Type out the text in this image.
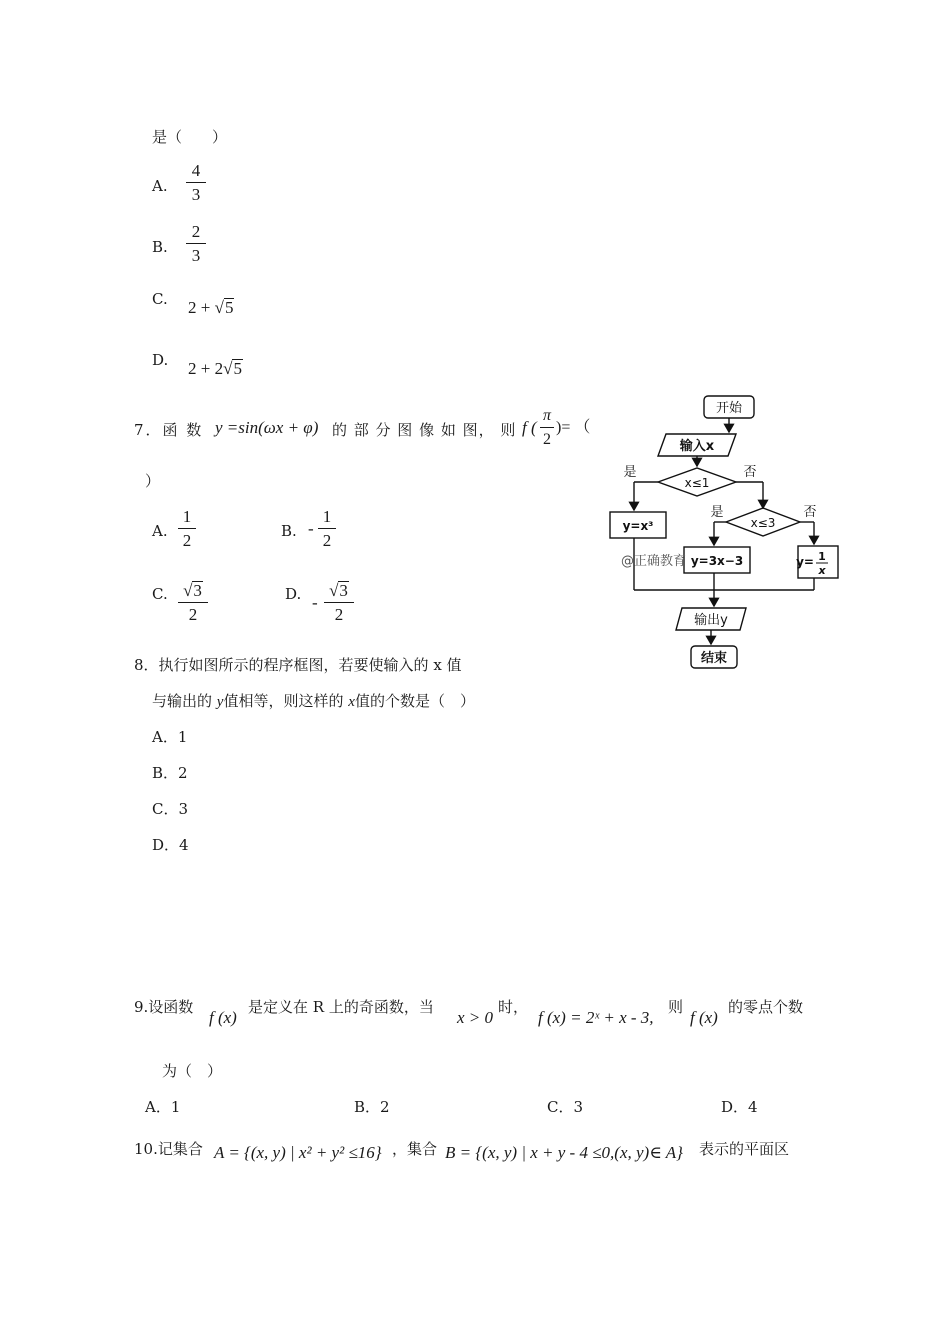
是（　　）
A.
4
3
B.
2
3
C. 2 + √5
D. 2 + 2√5
7．函 数 y =sin(ωx + φ) 的 部 分 图 像 如 图， 则 f (
π
2
)= （
）
A.
1
2	B. -
1
2
C. √3
2
D. -
√3
2
8．执行如图所示的程序框图，若要使输入的 x 值
与输出的 y值相等，则这样的 x值的个数是（　）
A．1
B．2
C．3
D．4
开始
输入x
x≤1
是	否
y=x³	x≤3
是	否
y=3x−3	y= 1
x
输出y
结束
@正确教育
9.设函数
f (x)
是定义在 R 上的奇函数，当
x > 0
时，
f (x) = 2ˣ + x - 3,
则
f (x)
的零点个数
为（　）
A．1	B．2	C．3	D．4
10.记集合 A = {(x, y) | x² + y² ≤16} ，集合 B = {(x, y) | x + y - 4 ≤0,(x, y)∈ A} 表示的平面区
